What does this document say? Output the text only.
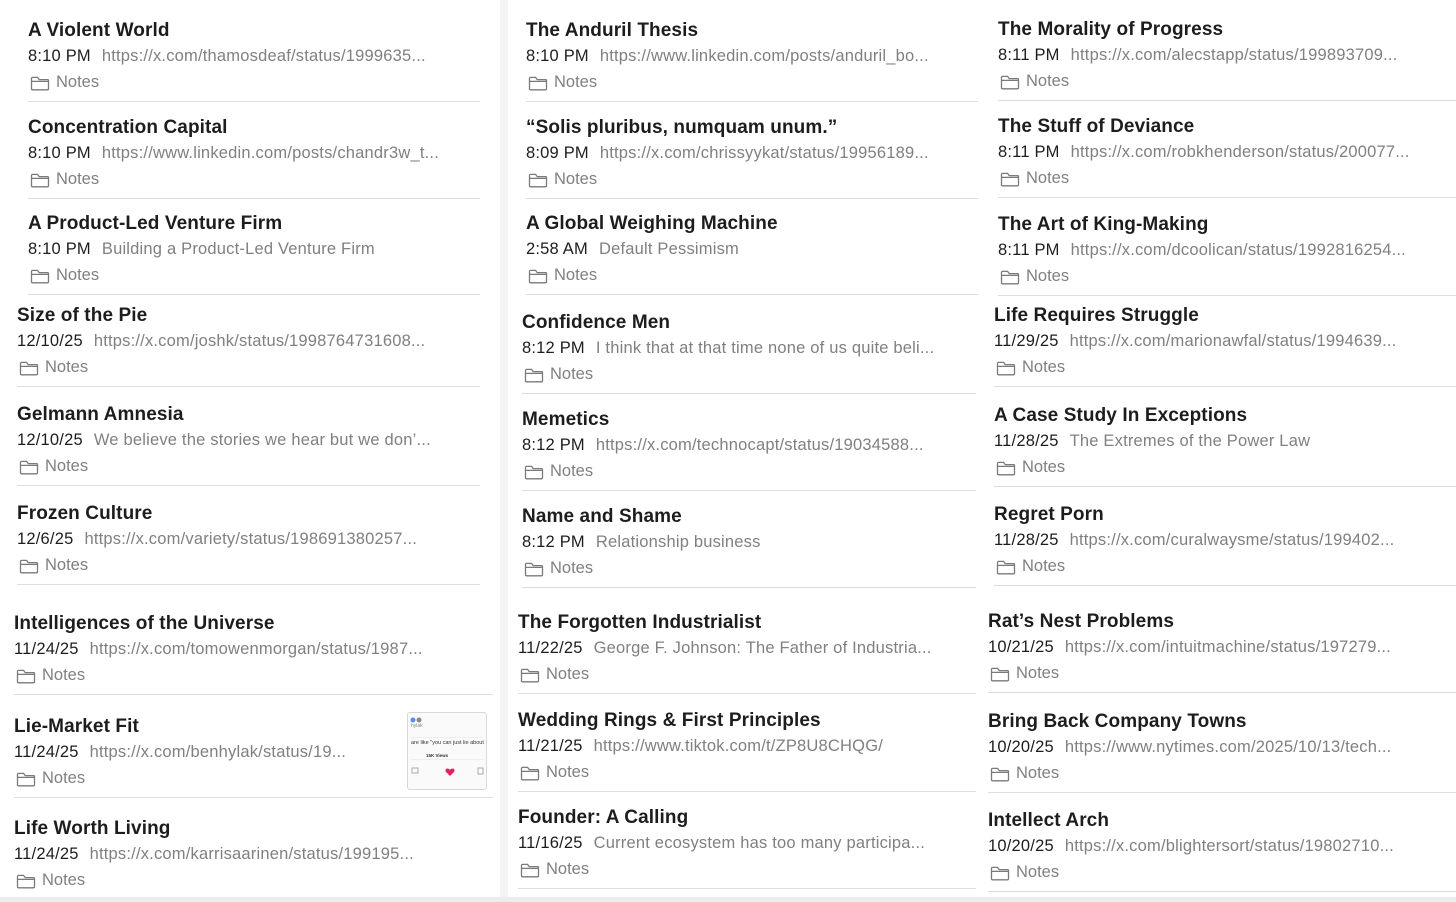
A Violent World
8:10 PM https://x.com/thamosdeaf/status/1999635...
Notes
Concentration Capital
8:10 PM https://www.linkedin.com/posts/chandr3w_t...
Notes
A Product-Led Venture Firm
8:10 PM Building a Product-Led Venture Firm
Notes
Size of the Pie
12/10/25 https://x.com/joshk/status/1998764731608...
Notes
Gelmann Amnesia
12/10/25 We believe the stories we hear but we don’...
Notes
Frozen Culture
12/6/25 https://x.com/variety/status/198691380257...
Notes
Intelligences of the Universe
11/24/25 https://x.com/tomowenmorgan/status/1987...
Notes
Lie-Market Fit
11/24/25 https://x.com/benhylak/status/19...
Notes
hylak
are like "you can just lie about
15K Views
Life Worth Living
11/24/25 https://x.com/karrisaarinen/status/199195...
Notes
The Anduril Thesis
8:10 PM https://www.linkedin.com/posts/anduril_bo...
Notes
“Solis pluribus, numquam unum.”
8:09 PM https://x.com/chrissyykat/status/19956189...
Notes
A Global Weighing Machine
2:58 AM Default Pessimism
Notes
Confidence Men
8:12 PM I think that at that time none of us quite beli...
Notes
Memetics
8:12 PM https://x.com/technocapt/status/19034588...
Notes
Name and Shame
8:12 PM Relationship business
Notes
The Forgotten Industrialist
11/22/25 George F. Johnson: The Father of Industria...
Notes
Wedding Rings & First Principles
11/21/25 https://www.tiktok.com/t/ZP8U8CHQG/
Notes
Founder: A Calling
11/16/25 Current ecosystem has too many participa...
Notes
The Morality of Progress
8:11 PM https://x.com/alecstapp/status/199893709...
Notes
The Stuff of Deviance
8:11 PM https://x.com/robkhenderson/status/200077...
Notes
The Art of King-Making
8:11 PM https://x.com/dcoolican/status/1992816254...
Notes
Life Requires Struggle
11/29/25 https://x.com/marionawfal/status/1994639...
Notes
A Case Study In Exceptions
11/28/25 The Extremes of the Power Law
Notes
Regret Porn
11/28/25 https://x.com/curalwaysme/status/199402...
Notes
Rat’s Nest Problems
10/21/25 https://x.com/intuitmachine/status/197279...
Notes
Bring Back Company Towns
10/20/25 https://www.nytimes.com/2025/10/13/tech...
Notes
Intellect Arch
10/20/25 https://x.com/blightersort/status/19802710...
Notes
